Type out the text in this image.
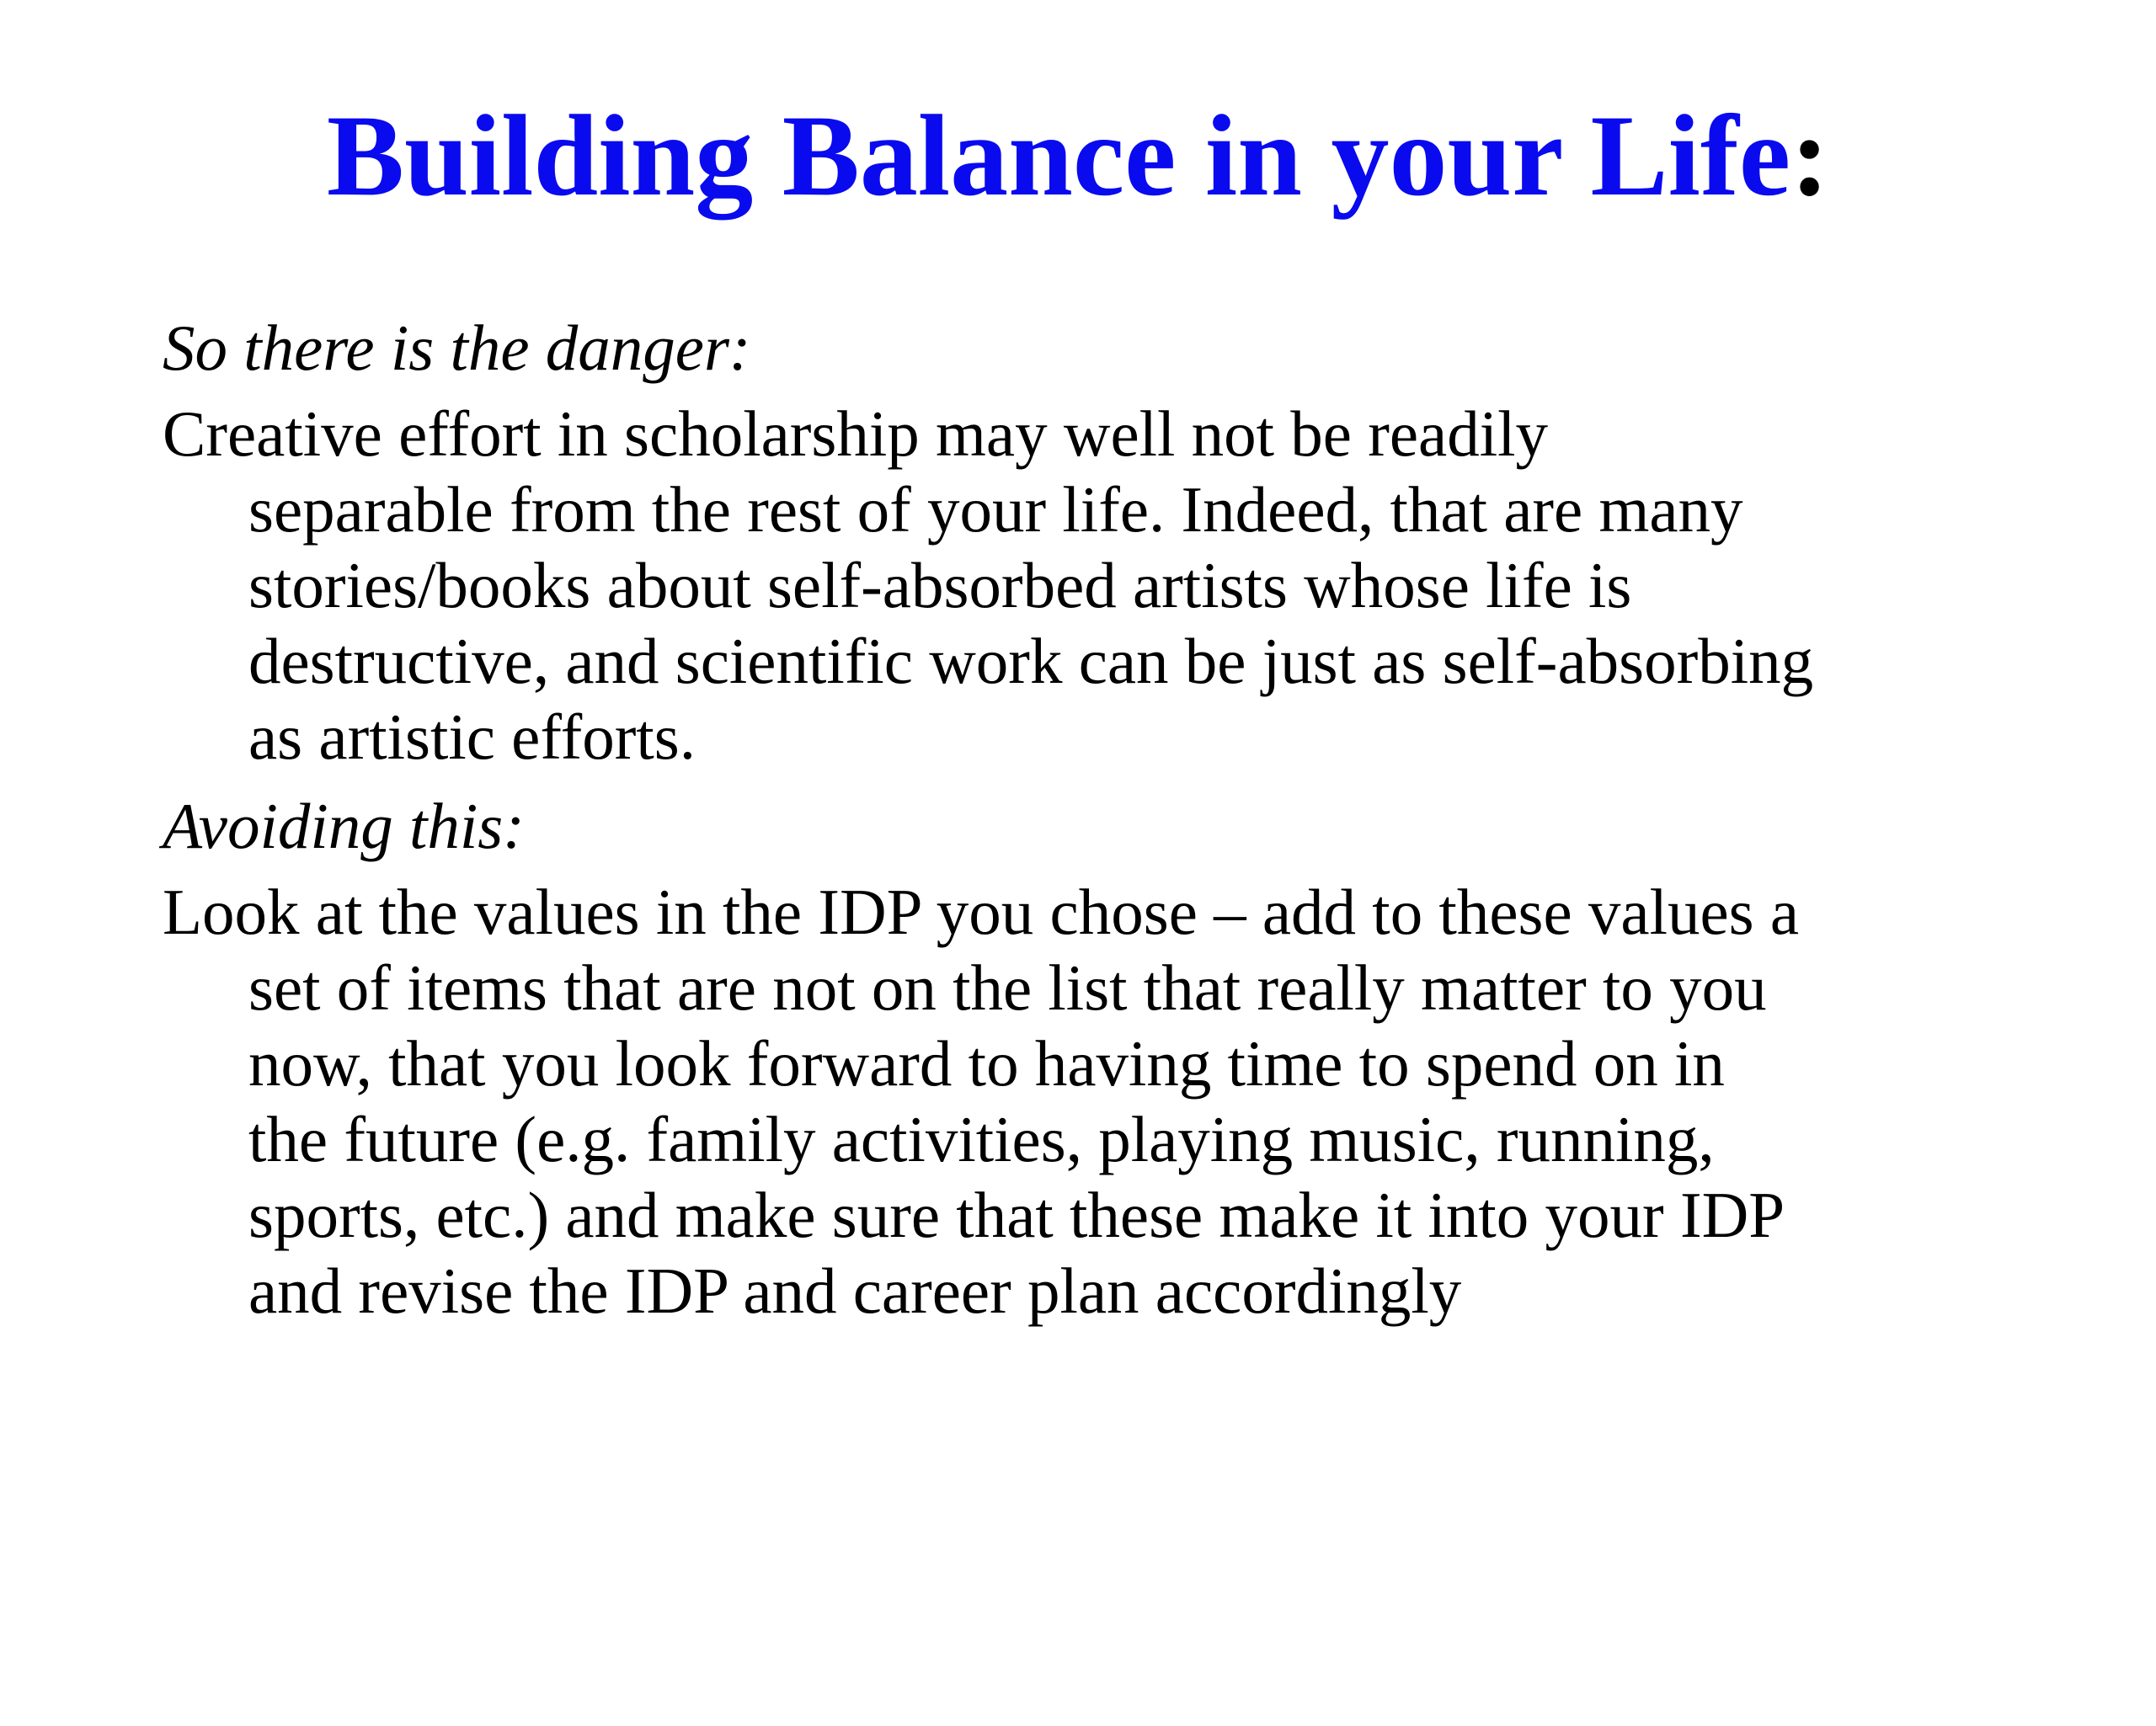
Building Balance in your Life:

So there is the danger:

Creative effort in scholarship may well not be readily
separable from the rest of your life. Indeed, that are many
stories/books about self-absorbed artists whose life is
destructive, and scientific work can be just as self-absorbing
as artistic efforts.

Avoiding this:

Look at the values in the IDP you chose – add to these values a
set of items that are not on the list that really matter to you
now, that you look forward to having time to spend on in
the future (e.g. family activities, playing music, running,
sports, etc.) and make sure that these make it into your IDP
and revise the IDP and career plan accordingly
